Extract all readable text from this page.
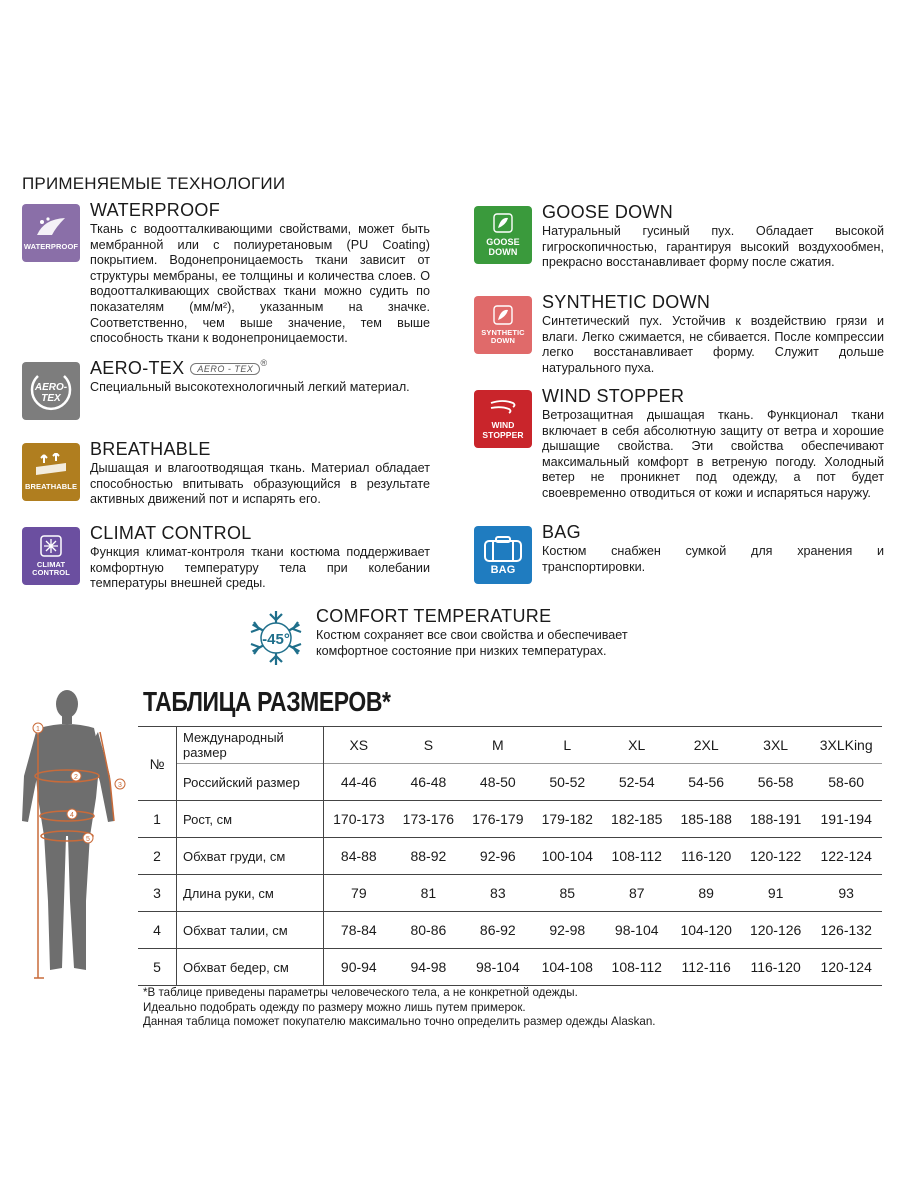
ПРИМЕНЯЕМЫЕ ТЕХНОЛОГИИ
WATERPROOF
WATERPROOF
Ткань с водоотталкивающими свойствами, может быть мембранной или с полиуретановым (PU Coating) покрытием. Водонепроницаемость ткани зависит от структуры мембраны, ее толщины и количества слоев. О водоотталкивающих свойствах ткани можно судить по показателям (мм/м²), указанным на значке. Соответственно, чем выше значение, тем выше способность ткани к водонепроницаемости.
AERO-
TEX
AERO-TEX AERO - TEX®
Специальный высокотехнологичный легкий материал.
BREATHABLE
BREATHABLE
Дышащая и влагоотводящая ткань. Материал обладает способностью впитывать образующийся в результате активных движений пот и испарять его.
CLIMAT CONTROL
CLIMAT CONTROL
Функция климат-контроля ткани костюма поддерживает комфортную температуру тела при колебании температуры внешней среды.
GOOSE DOWN
GOOSE DOWN
Натуральный гусиный пух. Обладает высокой гигроскопичностью, гарантируя высокий воздухообмен, прекрасно восстанавливает форму после сжатия.
SYNTHETIC DOWN
SYNTHETIC DOWN
Синтетический пух. Устойчив к воздействию грязи и влаги. Легко сжимается, не сбивается. После компрессии легко восстанавливает форму. Служит дольше натурального пуха.
WIND STOPPER
WIND STOPPER
Ветрозащитная дышащая ткань. Функционал ткани включает в себя абсолютную защиту от ветра и хорошие дышащие свойства. Эти свойства обеспечивают максимальный комфорт в ветреную погоду. Холодный ветер не проникнет под одежду, а пот будет своевременно отводиться от кожи и испаряться наружу.
BAG
BAG
Костюм снабжен сумкой для хранения и транспортировки.
-45°
COMFORT TEMPERATURE
Костюм сохраняет все свои свойства и обеспечивает комфортное состояние при низких температурах.
ТАБЛИЦА РАЗМЕРОВ*
1
2
3
4
5
№	Международный размер	XS	S	M	L	XL	2XL	3XL	3XLKing
	Российский размер	44-46	46-48	48-50	50-52	52-54	54-56	56-58	58-60
1	Рост, см	170-173	173-176	176-179	179-182	182-185	185-188	188-191	191-194
2	Обхват груди, см	84-88	88-92	92-96	100-104	108-112	116-120	120-122	122-124
3	Длина руки, см	79	81	83	85	87	89	91	93
4	Обхват талии, см	78-84	80-86	86-92	92-98	98-104	104-120	120-126	126-132
5	Обхват бедер, см	90-94	94-98	98-104	104-108	108-112	112-116	116-120	120-124
*В таблице приведены параметры человеческого тела, а не конкретной одежды.
Идеально подобрать одежду по размеру можно лишь путем примерок.
Данная таблица поможет покупателю максимально точно определить размер одежды Alaskan.
